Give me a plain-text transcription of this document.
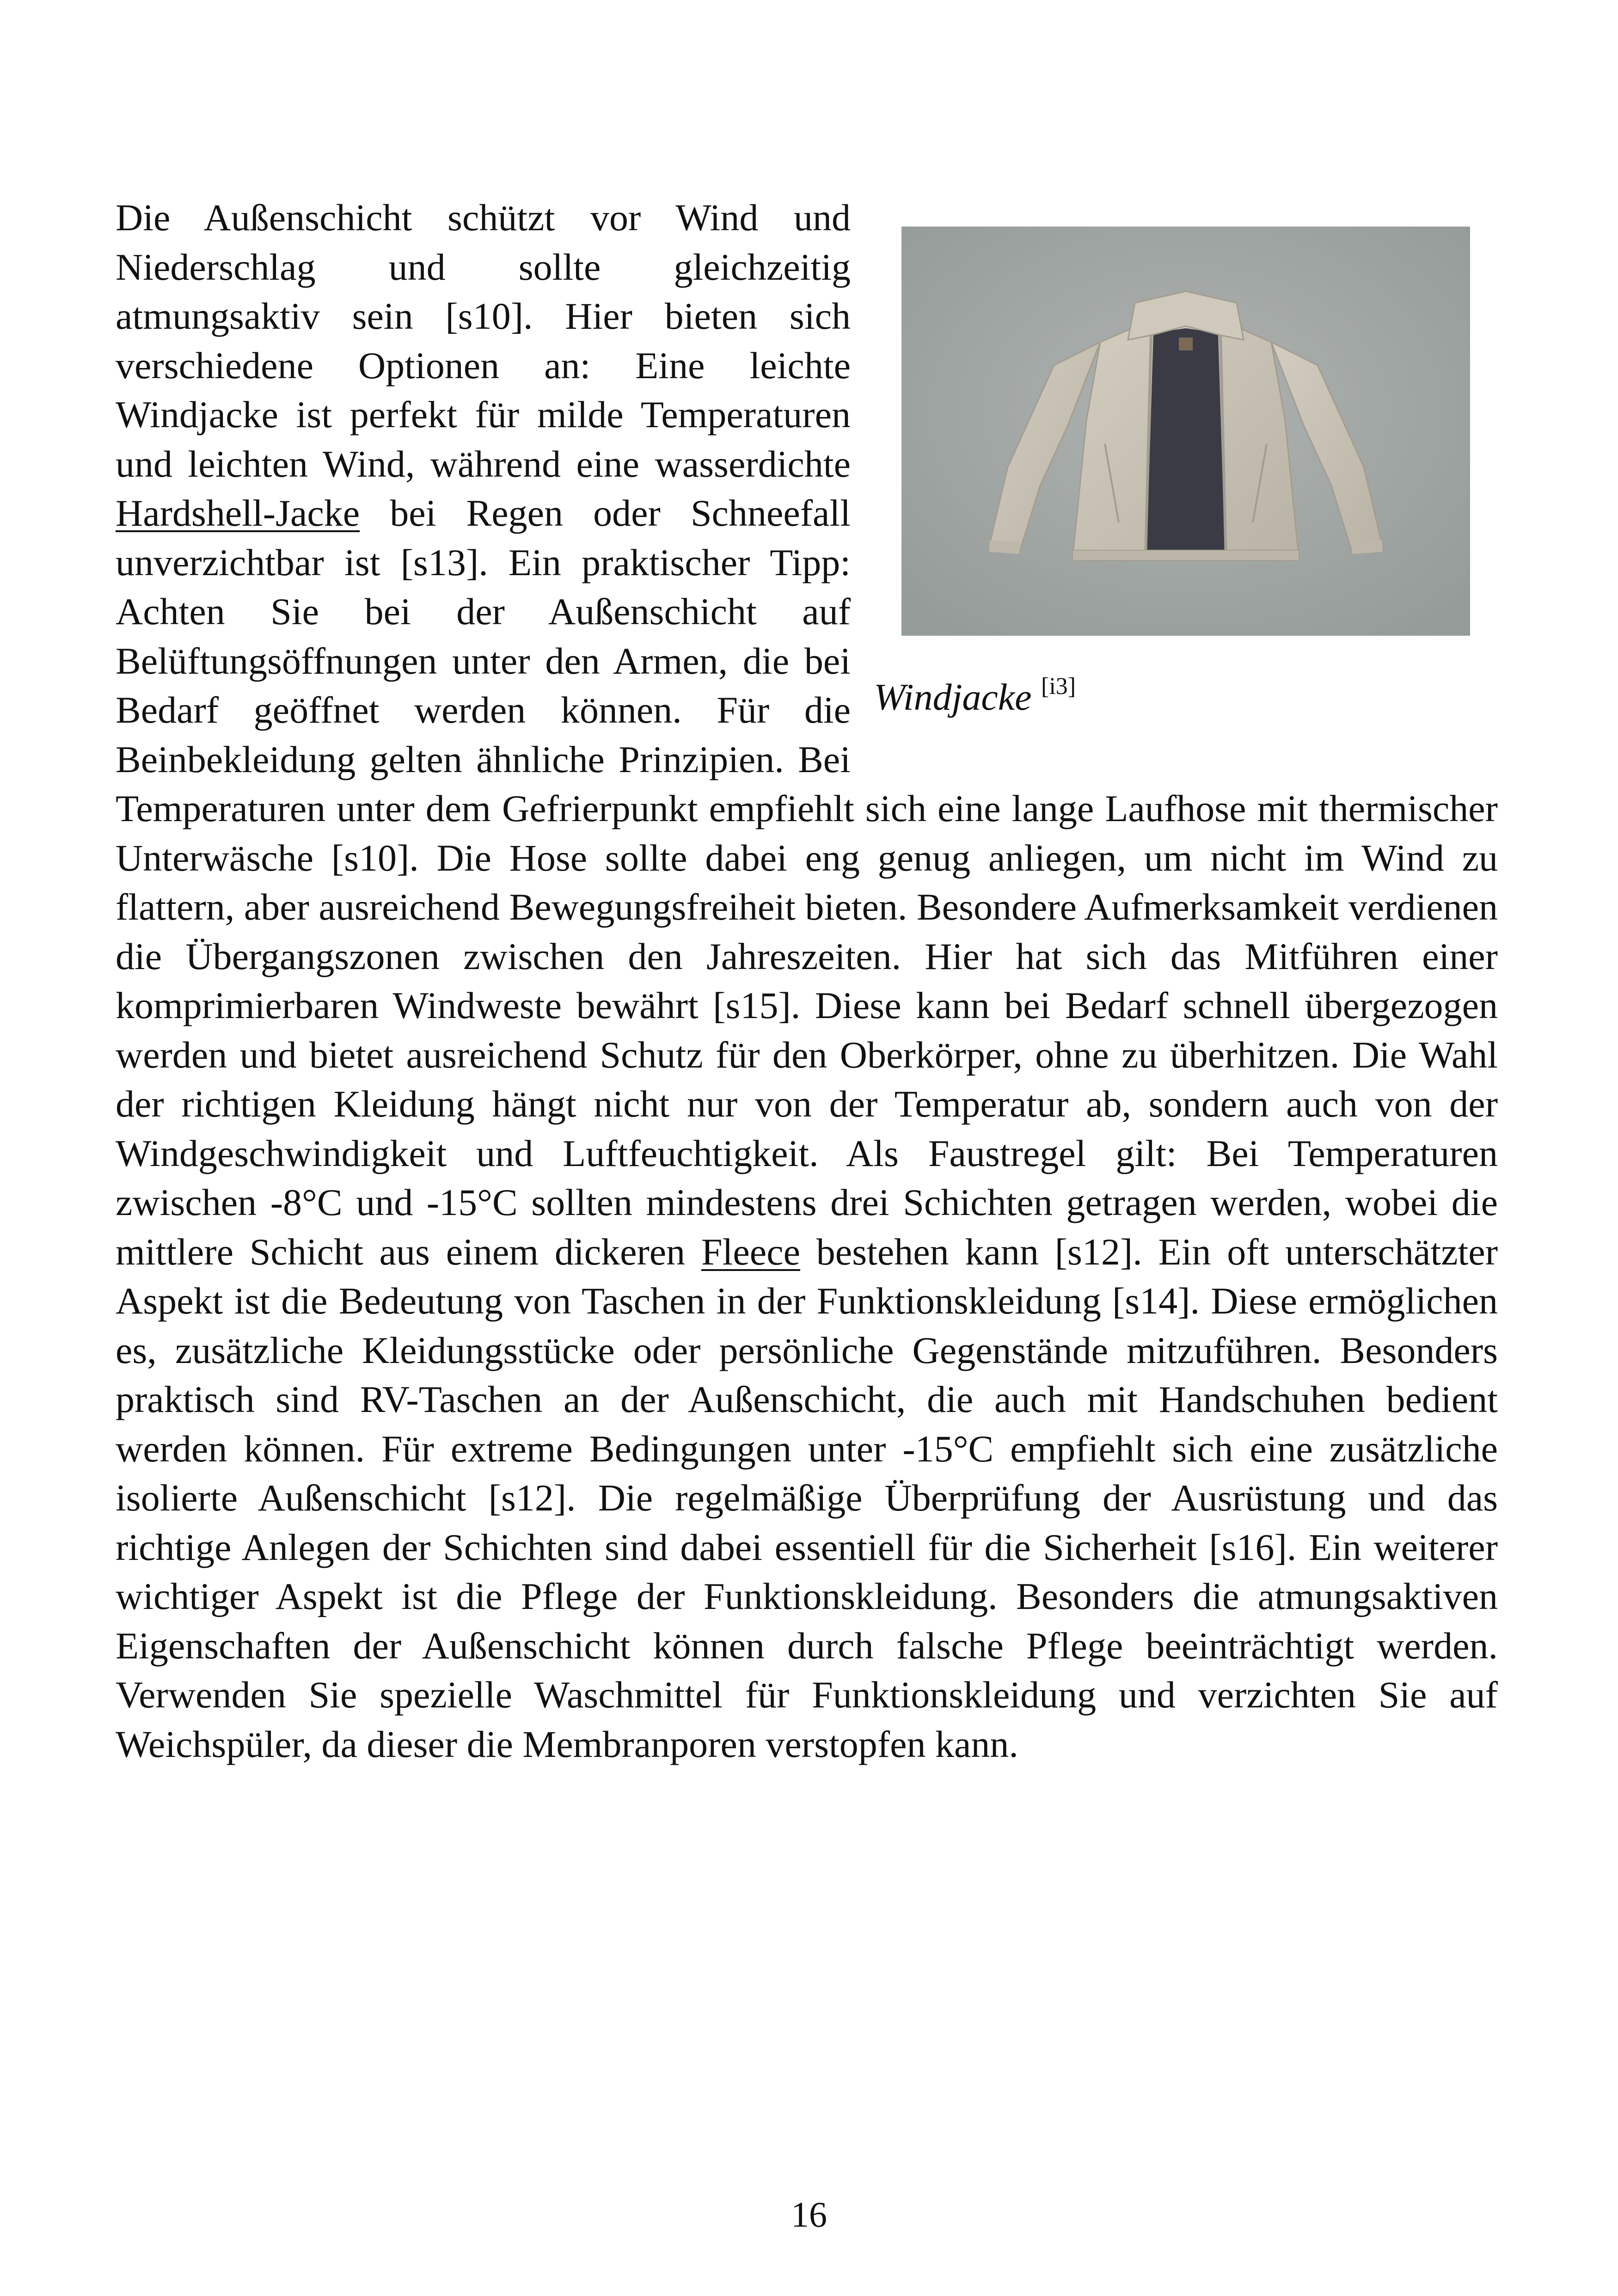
Windjacke [i3]
Die Außenschicht schützt vor Wind und Niederschlag und sollte gleichzeitig atmungsaktiv sein [s10]. Hier bieten sich verschiedene Optionen an: Eine leichte Windjacke ist perfekt für milde Temperaturen und leichten Wind, während eine wasserdichte Hardshell-Jacke bei Regen oder Schneefall unverzichtbar ist [s13]. Ein praktischer Tipp: Achten Sie bei der Außenschicht auf Belüftungsöffnungen unter den Armen, die bei Bedarf geöffnet werden können. Für die Beinbekleidung gelten ähnliche Prinzipien. Bei Temperaturen unter dem Gefrierpunkt empfiehlt sich eine lange Laufhose mit thermischer Unterwäsche [s10]. Die Hose sollte dabei eng genug anliegen, um nicht im Wind zu flattern, aber ausreichend Bewegungsfreiheit bieten. Besondere Aufmerksamkeit verdienen die Übergangszonen zwischen den Jahreszeiten. Hier hat sich das Mitführen einer komprimierbaren Windweste bewährt [s15]. Diese kann bei Bedarf schnell übergezogen werden und bietet ausreichend Schutz für den Oberkörper, ohne zu überhitzen. Die Wahl der richtigen Kleidung hängt nicht nur von der Temperatur ab, sondern auch von der Windgeschwindigkeit und Luftfeuchtigkeit. Als Faustregel gilt: Bei Temperaturen zwischen -8°C und -15°C sollten mindestens drei Schichten getragen werden, wobei die mittlere Schicht aus einem dickeren Fleece bestehen kann [s12]. Ein oft unterschätzter Aspekt ist die Bedeutung von Taschen in der Funktionskleidung [s14]. Diese ermöglichen es, zusätzliche Kleidungsstücke oder persönliche Gegenstände mitzuführen. Besonders praktisch sind RV-Taschen an der Außenschicht, die auch mit Handschuhen bedient werden können. Für extreme Bedingungen unter -15°C empfiehlt sich eine zusätzliche isolierte Außenschicht [s12]. Die regelmäßige Überprüfung der Ausrüstung und das richtige Anlegen der Schichten sind dabei essentiell für die Sicherheit [s16]. Ein weiterer wichtiger Aspekt ist die Pflege der Funktionskleidung. Besonders die atmungsaktiven Eigenschaften der Außenschicht können durch falsche Pflege beeinträchtigt werden. Verwenden Sie spezielle Waschmittel für Funktionskleidung und verzichten Sie auf Weichspüler, da dieser die Membranporen verstopfen kann.

16
